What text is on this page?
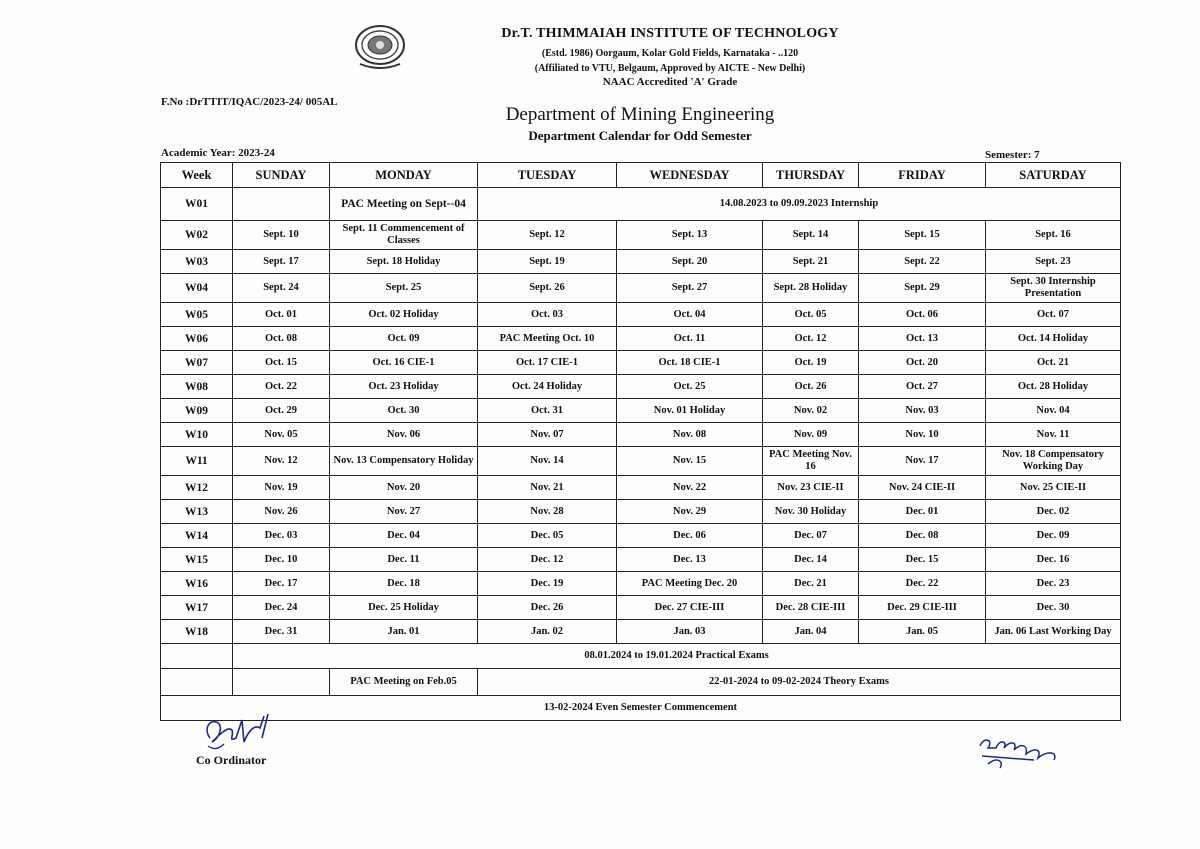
Dr.T. THIMMAIAH INSTITUTE OF TECHNOLOGY
(Estd. 1986) Oorgaum, Kolar Gold Fields, Karnataka - ..120
(Affiliated to VTU, Belgaum, Approved by AICTE - New Delhi)
NAAC Accredited 'A' Grade
F.No :DrTTIT/IQAC/2023-24/ 005AL
Department of Mining Engineering
Department Calendar for Odd Semester
Academic Year: 2023-24	Semester: 7
Week	SUNDAY	MONDAY	TUESDAY	WEDNESDAY	THURSDAY	FRIDAY	SATURDAY
W01		PAC Meeting on Sept--04	14.08.2023 to 09.09.2023 Internship				
W02	Sept. 10	Sept. 11 Commencement of Classes	Sept. 12	Sept. 13	Sept. 14	Sept. 15	Sept. 16
W03	Sept. 17	Sept. 18 Holiday	Sept. 19	Sept. 20	Sept. 21	Sept. 22	Sept. 23
W04	Sept. 24	Sept. 25	Sept. 26	Sept. 27	Sept. 28 Holiday	Sept. 29	Sept. 30 Internship Presentation
W05	Oct. 01	Oct. 02 Holiday	Oct. 03	Oct. 04	Oct. 05	Oct. 06	Oct. 07
W06	Oct. 08	Oct. 09	PAC Meeting Oct. 10	Oct. 11	Oct. 12	Oct. 13	Oct. 14 Holiday
W07	Oct. 15	Oct. 16 CIE-1	Oct. 17 CIE-1	Oct. 18 CIE-1	Oct. 19	Oct. 20	Oct. 21
W08	Oct. 22	Oct. 23 Holiday	Oct. 24 Holiday	Oct. 25	Oct. 26	Oct. 27	Oct. 28 Holiday
W09	Oct. 29	Oct. 30	Oct. 31	Nov. 01 Holiday	Nov. 02	Nov. 03	Nov. 04
W10	Nov. 05	Nov. 06	Nov. 07	Nov. 08	Nov. 09	Nov. 10	Nov. 11
W11	Nov. 12	Nov. 13 Compensatory Holiday	Nov. 14	Nov. 15	PAC Meeting Nov. 16	Nov. 17	Nov. 18 Compensatory Working Day
W12	Nov. 19	Nov. 20	Nov. 21	Nov. 22	Nov. 23 CIE-II	Nov. 24 CIE-II	Nov. 25 CIE-II
W13	Nov. 26	Nov. 27	Nov. 28	Nov. 29	Nov. 30 Holiday	Dec. 01	Dec. 02
W14	Dec. 03	Dec. 04	Dec. 05	Dec. 06	Dec. 07	Dec. 08	Dec. 09
W15	Dec. 10	Dec. 11	Dec. 12	Dec. 13	Dec. 14	Dec. 15	Dec. 16
W16	Dec. 17	Dec. 18	Dec. 19	PAC Meeting Dec. 20	Dec. 21	Dec. 22	Dec. 23
W17	Dec. 24	Dec. 25 Holiday	Dec. 26	Dec. 27 CIE-III	Dec. 28 CIE-III	Dec. 29 CIE-III	Dec. 30
W18	Dec. 31	Jan. 01	Jan. 02	Jan. 03	Jan. 04	Jan. 05	Jan. 06 Last Working Day
	08.01.2024 to 19.01.2024 Practical Exams						
		PAC Meeting on Feb.05	22-01-2024 to 09-02-2024 Theory Exams				
13-02-2024 Even Semester Commencement							
Co Ordinator
